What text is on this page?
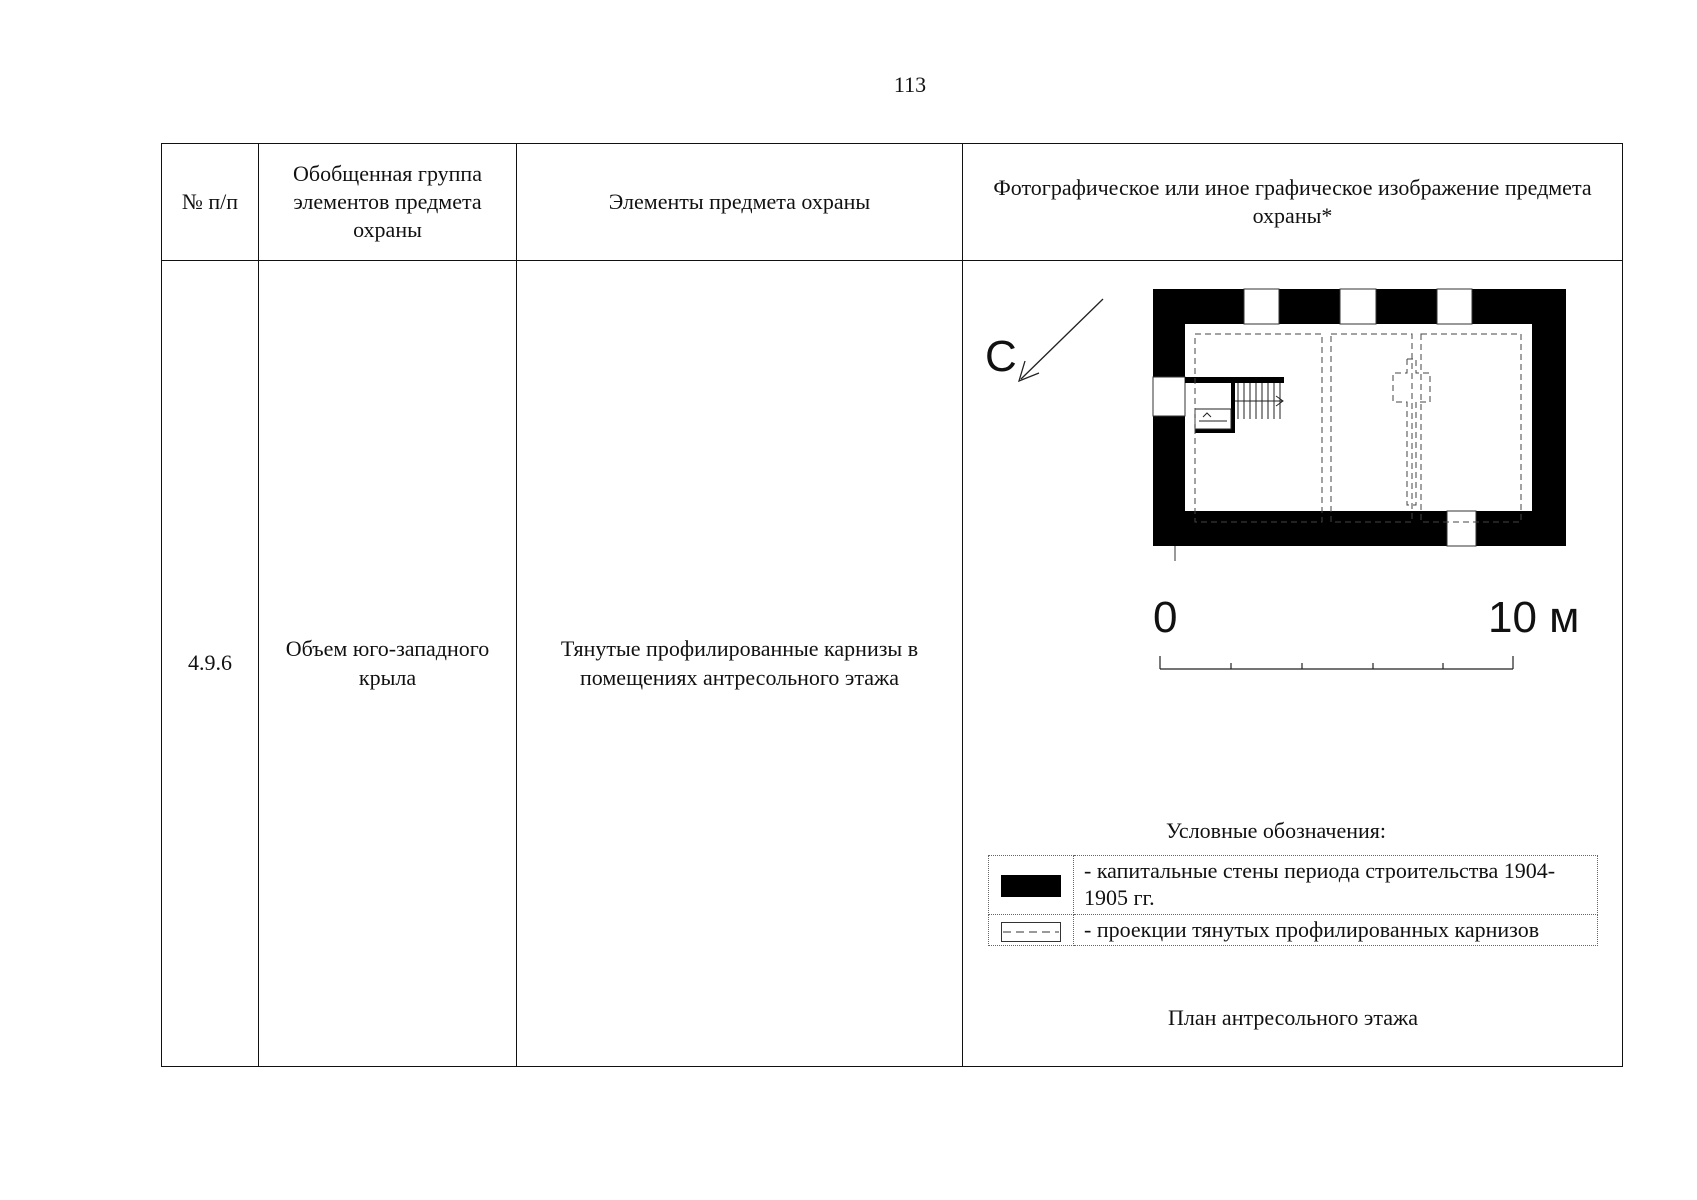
113
№ п/п	Обобщенная группа элементов предмета охраны	Элементы предмета охраны	Фотографическое или иное графическое изображение предмета охраны*
4.9.6	Объем юго-западного крыла	Тянутые профилированные карнизы в помещениях антресольного этажа	
С
0	10 м
Условные обозначения:
	- капитальные стены периода строительства 1904-1905 гг.
	- проекции тянутых профилированных карнизов
План антресольного этажа
